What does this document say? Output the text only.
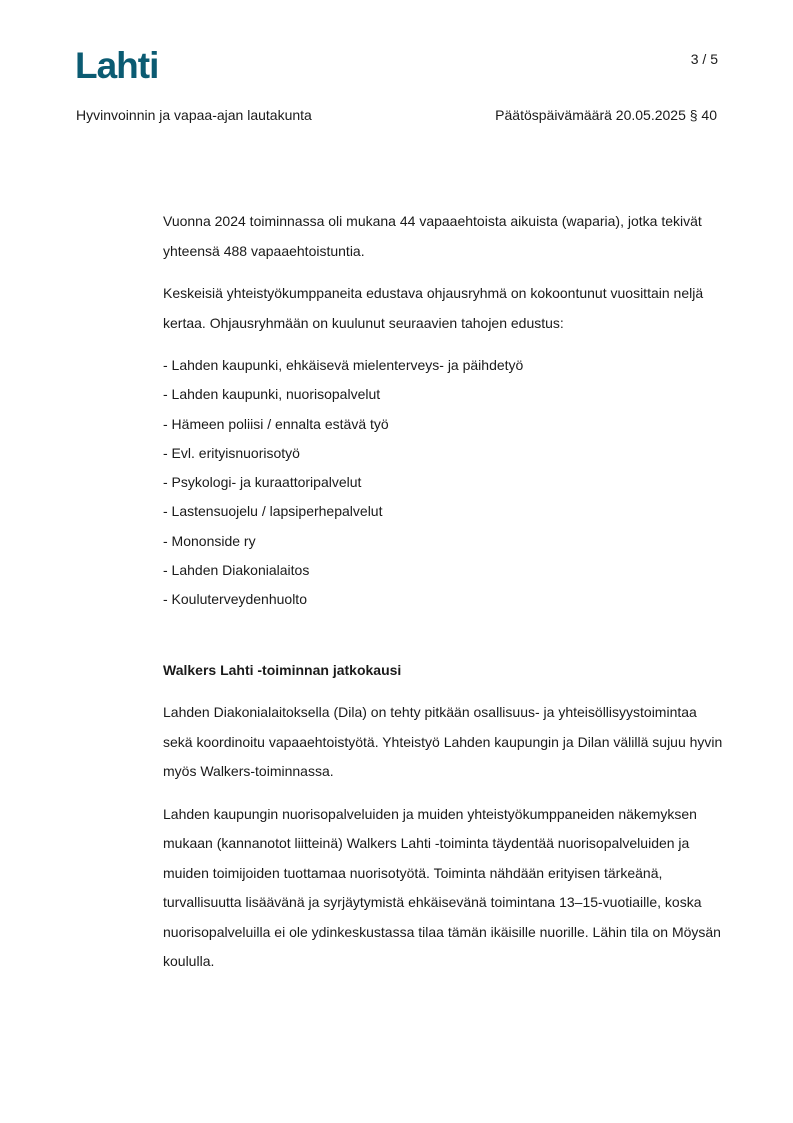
Lahti	3 / 5
Hyvinvoinnin ja vapaa-ajan lautakunta	Päätöspäivämäärä 20.05.2025 § 40

Vuonna 2024 toiminnassa oli mukana 44 vapaaehtoista aikuista (waparia), jotka tekivät yhteensä 488 vapaaehtoistuntia.

Keskeisiä yhteistyökumppaneita edustava ohjausryhmä on kokoontunut vuosittain neljä kertaa. Ohjausryhmään on kuulunut seuraavien tahojen edustus:

- Lahden kaupunki, ehkäisevä mielenterveys- ja päihdetyö
- Lahden kaupunki, nuorisopalvelut
- Hämeen poliisi / ennalta estävä työ
- Evl. erityisnuorisotyö
- Psykologi- ja kuraattoripalvelut
- Lastensuojelu / lapsiperhepalvelut
- Mononside ry
- Lahden Diakonialaitos
- Kouluterveydenhuolto
Walkers Lahti -toiminnan jatkokausi

Lahden Diakonialaitoksella (Dila) on tehty pitkään osallisuus- ja yhteisöllisyystoimintaa sekä koordinoitu vapaaehtoistyötä. Yhteistyö Lahden kaupungin ja Dilan välillä sujuu hyvin myös Walkers-toiminnassa.

Lahden kaupungin nuorisopalveluiden ja muiden yhteistyökumppaneiden näkemyksen mukaan (kannanotot liitteinä) Walkers Lahti -toiminta täydentää nuorisopalveluiden ja muiden toimijoiden tuottamaa nuorisotyötä. Toiminta nähdään erityisen tärkeänä, turvallisuutta lisäävänä ja syrjäytymistä ehkäisevänä toimintana 13–15-vuotiaille, koska nuorisopalveluilla ei ole ydinkeskustassa tilaa tämän ikäisille nuorille. Lähin tila on Möysän koululla.
